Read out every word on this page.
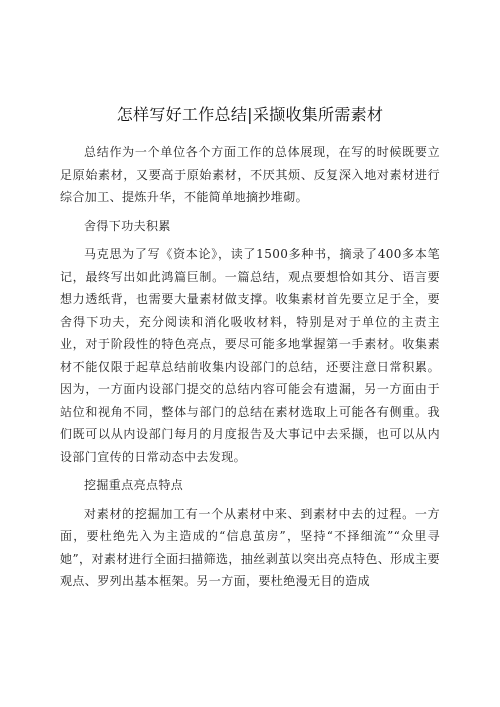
怎样写好工作总结|采撷收集所需素材

总结作为一个单位各个方面工作的总体展现，在写的时候既要立足原始素材，又要高于原始素材，不厌其烦、反复深入地对素材进行综合加工、提炼升华，不能简单地摘抄堆砌。

舍得下功夫积累

马克思为了写《资本论》，读了1500多种书，摘录了400多本笔记，最终写出如此鸿篇巨制。一篇总结，观点要想恰如其分、语言要想力透纸背，也需要大量素材做支撑。收集素材首先要立足于全，要舍得下功夫，充分阅读和消化吸收材料，特别是对于单位的主责主业，对于阶段性的特色亮点，要尽可能多地掌握第一手素材。收集素材不能仅限于起草总结前收集内设部门的总结，还要注意日常积累。因为，一方面内设部门提交的总结内容可能会有遗漏，另一方面由于站位和视角不同，整体与部门的总结在素材选取上可能各有侧重。我们既可以从内设部门每月的月度报告及大事记中去采撷，也可以从内设部门宣传的日常动态中去发现。

挖掘重点亮点特点

对素材的挖掘加工有一个从素材中来、到素材中去的过程。一方面，要杜绝先入为主造成的“信息茧房”，坚持“不择细流”“众里寻她”，对素材进行全面扫描筛选，抽丝剥茧以突出亮点特色、形成主要观点、罗列出基本框架。另一方面，要杜绝漫无目的造成
